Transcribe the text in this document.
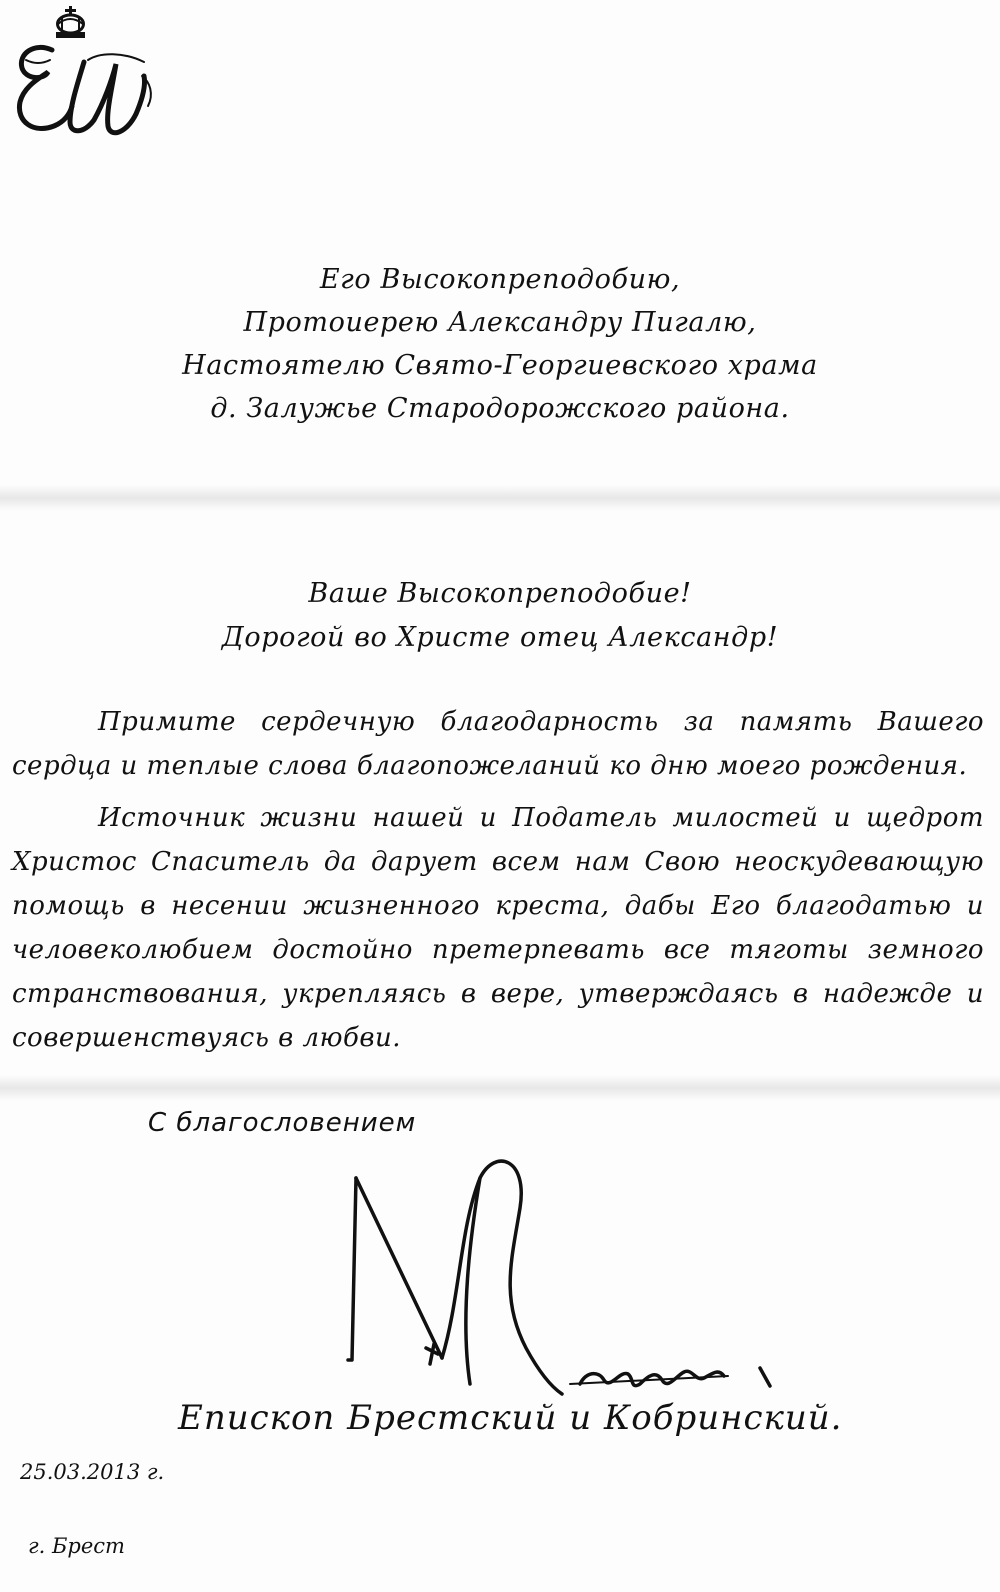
Его Высокопреподобию,
Протоиерею Александру Пигалю,
Настоятелю Свято-Георгиевского храма
д. Залужье Стародорожского района.
Ваше Высокопреподобие!
Дорогой во Христе отец Александр!

Примите сердечную благодарность за память Вашего сердца и теплые слова благопожеланий ко дню моего рождения.

Источник жизни нашей и Податель милостей и щедрот Христос Спаситель да дарует всем нам Свою неоскудевающую помощь в несении жизненного креста, дабы Его благодатью и человеколюбием достойно претерпевать все тяготы земного странствования, укрепляясь в вере, утверждаясь в надежде и совершенствуясь в любви.

С благословением
Епископ Брестский и Кобринский.
25.03.2013 г.
г. Брест
